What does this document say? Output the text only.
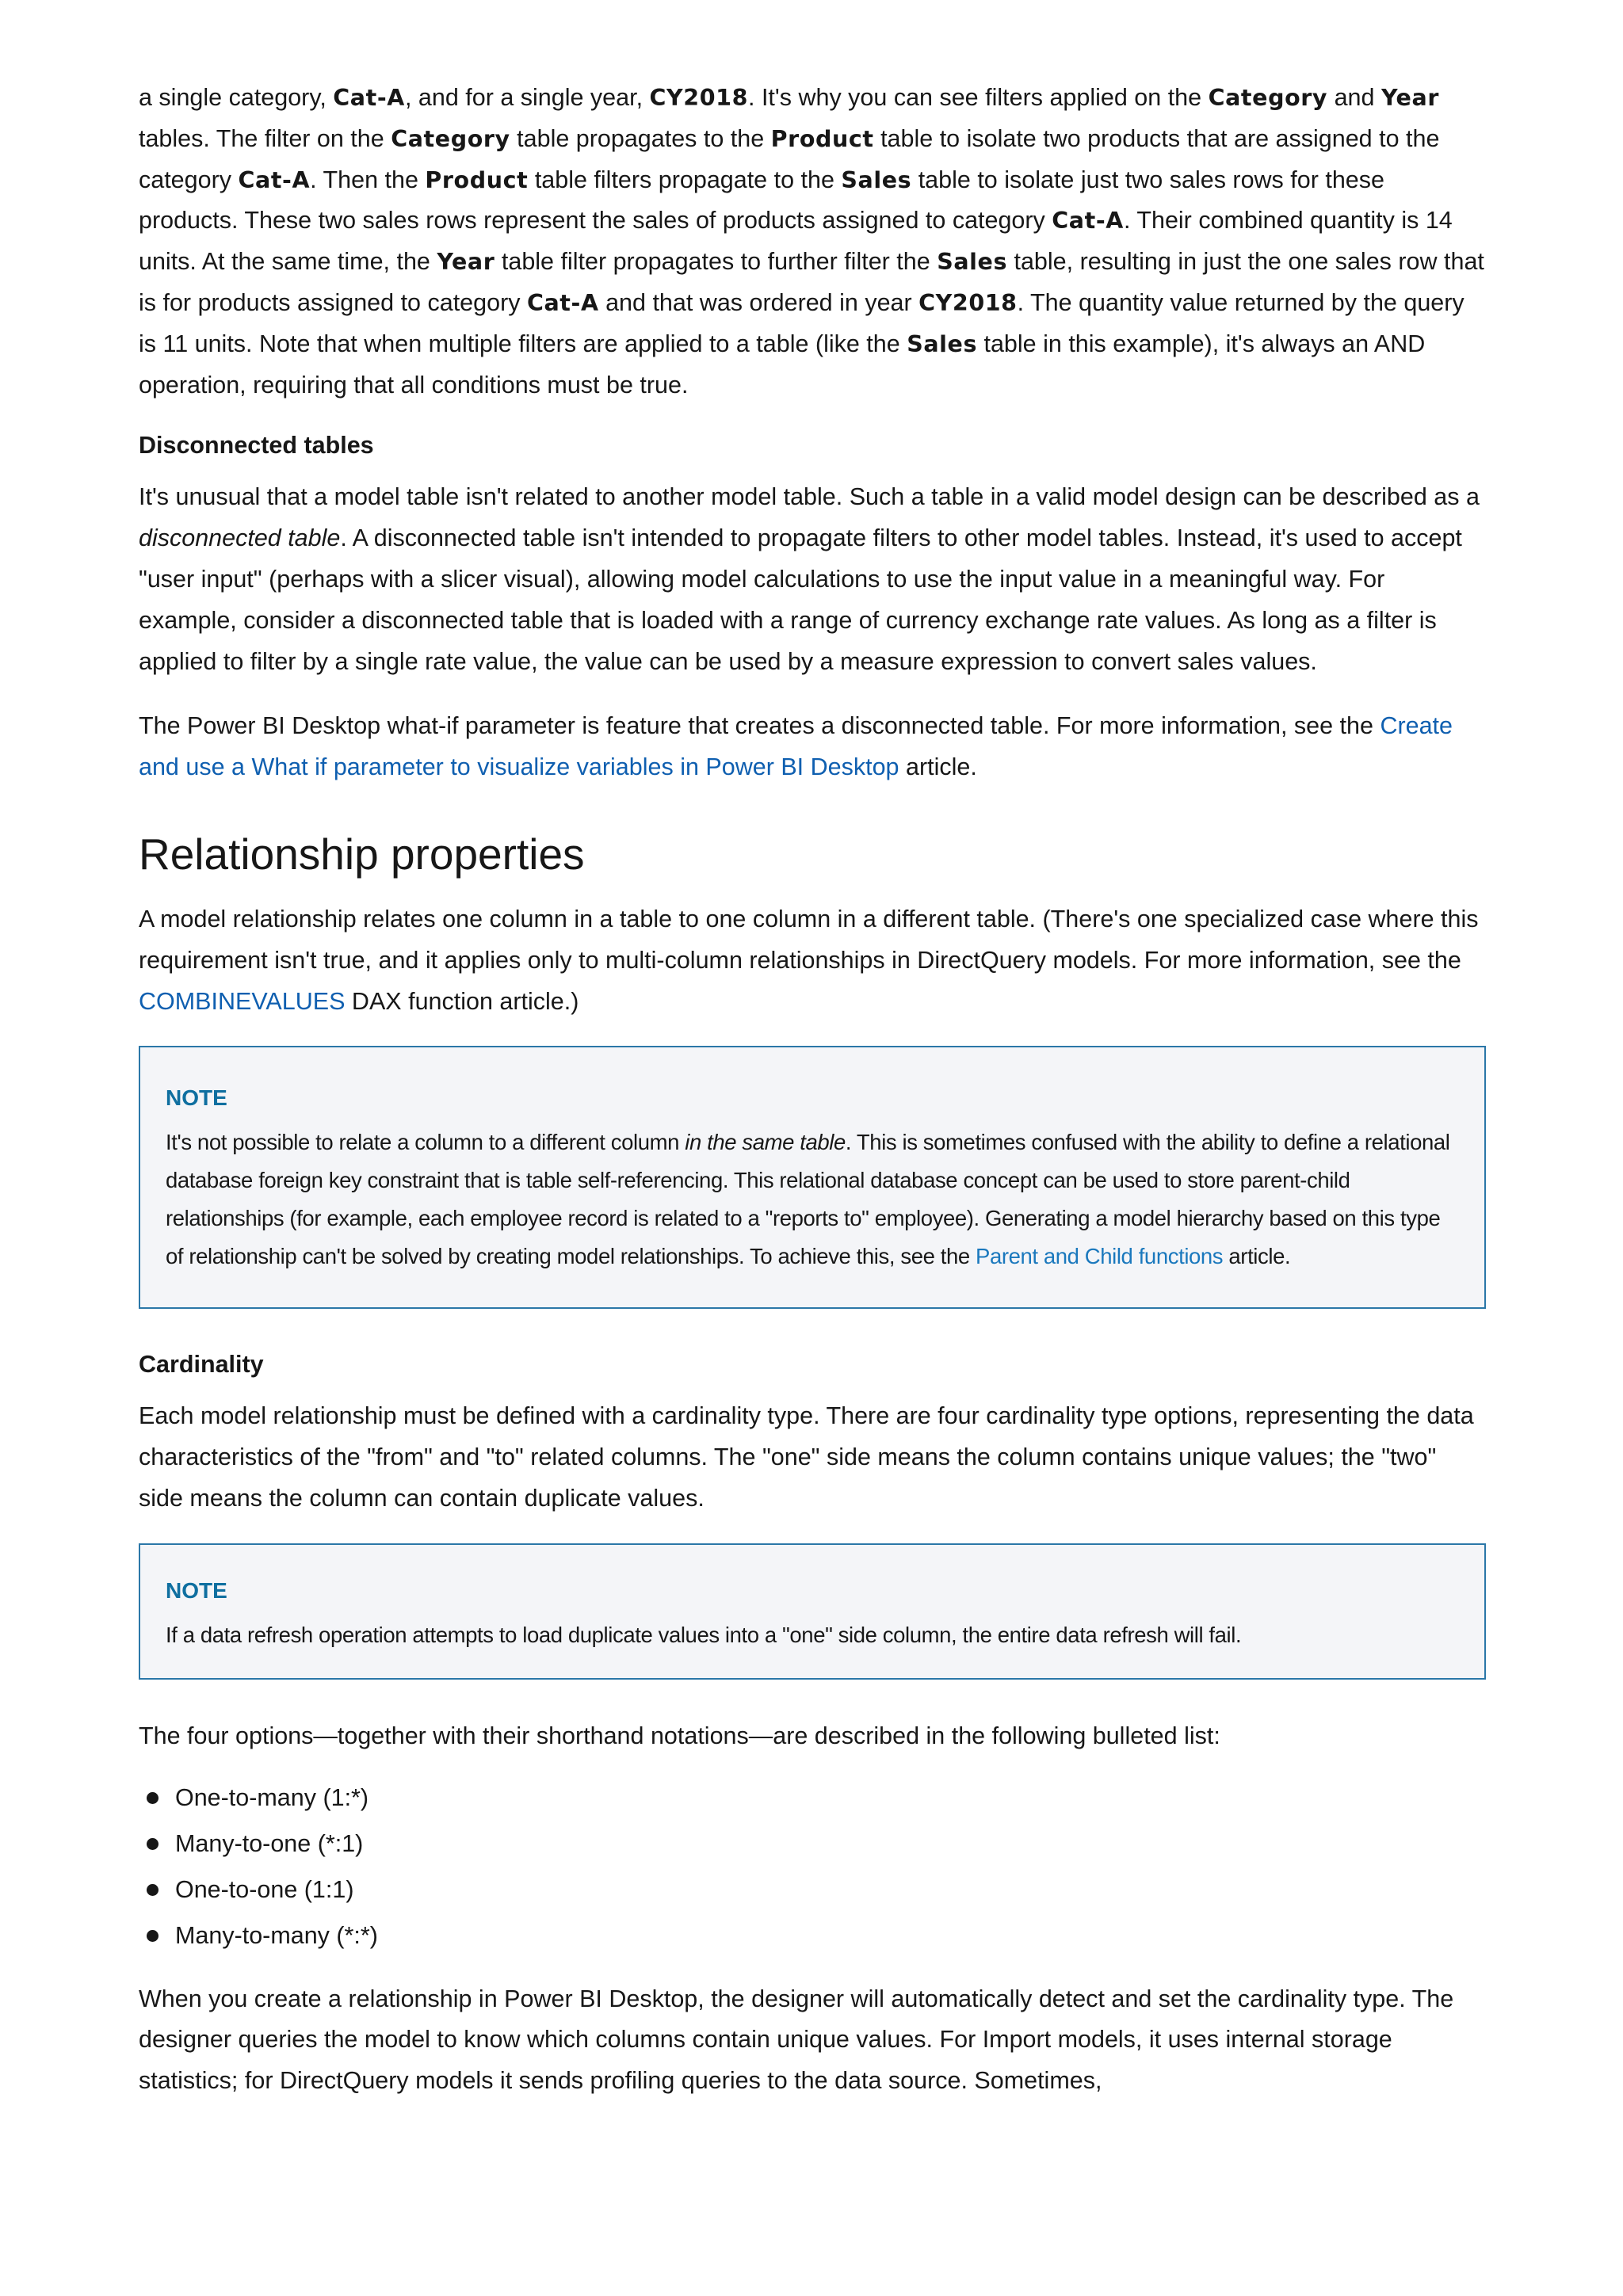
a single category, Cat-A, and for a single year, CY2018. It's why you can see filters applied on the Category and Year tables. The filter on the Category table propagates to the Product table to isolate two products that are assigned to the category Cat-A. Then the Product table filters propagate to the Sales table to isolate just two sales rows for these products. These two sales rows represent the sales of products assigned to category Cat-A. Their combined quantity is 14 units. At the same time, the Year table filter propagates to further filter the Sales table, resulting in just the one sales row that is for products assigned to category Cat-A and that was ordered in year CY2018. The quantity value returned by the query is 11 units. Note that when multiple filters are applied to a table (like the Sales table in this example), it's always an AND operation, requiring that all conditions must be true.

Disconnected tables

It's unusual that a model table isn't related to another model table. Such a table in a valid model design can be described as a disconnected table. A disconnected table isn't intended to propagate filters to other model tables. Instead, it's used to accept "user input" (perhaps with a slicer visual), allowing model calculations to use the input value in a meaningful way. For example, consider a disconnected table that is loaded with a range of currency exchange rate values. As long as a filter is applied to filter by a single rate value, the value can be used by a measure expression to convert sales values.

The Power BI Desktop what-if parameter is feature that creates a disconnected table. For more information, see the Create and use a What if parameter to visualize variables in Power BI Desktop article.

Relationship properties

A model relationship relates one column in a table to one column in a different table. (There's one specialized case where this requirement isn't true, and it applies only to multi-column relationships in DirectQuery models. For more information, see the COMBINEVALUES DAX function article.)

NOTE

It's not possible to relate a column to a different column in the same table. This is sometimes confused with the ability to define a relational database foreign key constraint that is table self-referencing. This relational database concept can be used to store parent-child relationships (for example, each employee record is related to a "reports to" employee). Generating a model hierarchy based on this type of relationship can't be solved by creating model relationships. To achieve this, see the Parent and Child functions article.

Cardinality

Each model relationship must be defined with a cardinality type. There are four cardinality type options, representing the data characteristics of the "from" and "to" related columns. The "one" side means the column contains unique values; the "two" side means the column can contain duplicate values.

NOTE

If a data refresh operation attempts to load duplicate values into a "one" side column, the entire data refresh will fail.

The four options—together with their shorthand notations—are described in the following bulleted list:

One-to-many (1:*)
Many-to-one (*:1)
One-to-one (1:1)
Many-to-many (*:*)

When you create a relationship in Power BI Desktop, the designer will automatically detect and set the cardinality type. The designer queries the model to know which columns contain unique values. For Import models, it uses internal storage statistics; for DirectQuery models it sends profiling queries to the data source. Sometimes,
